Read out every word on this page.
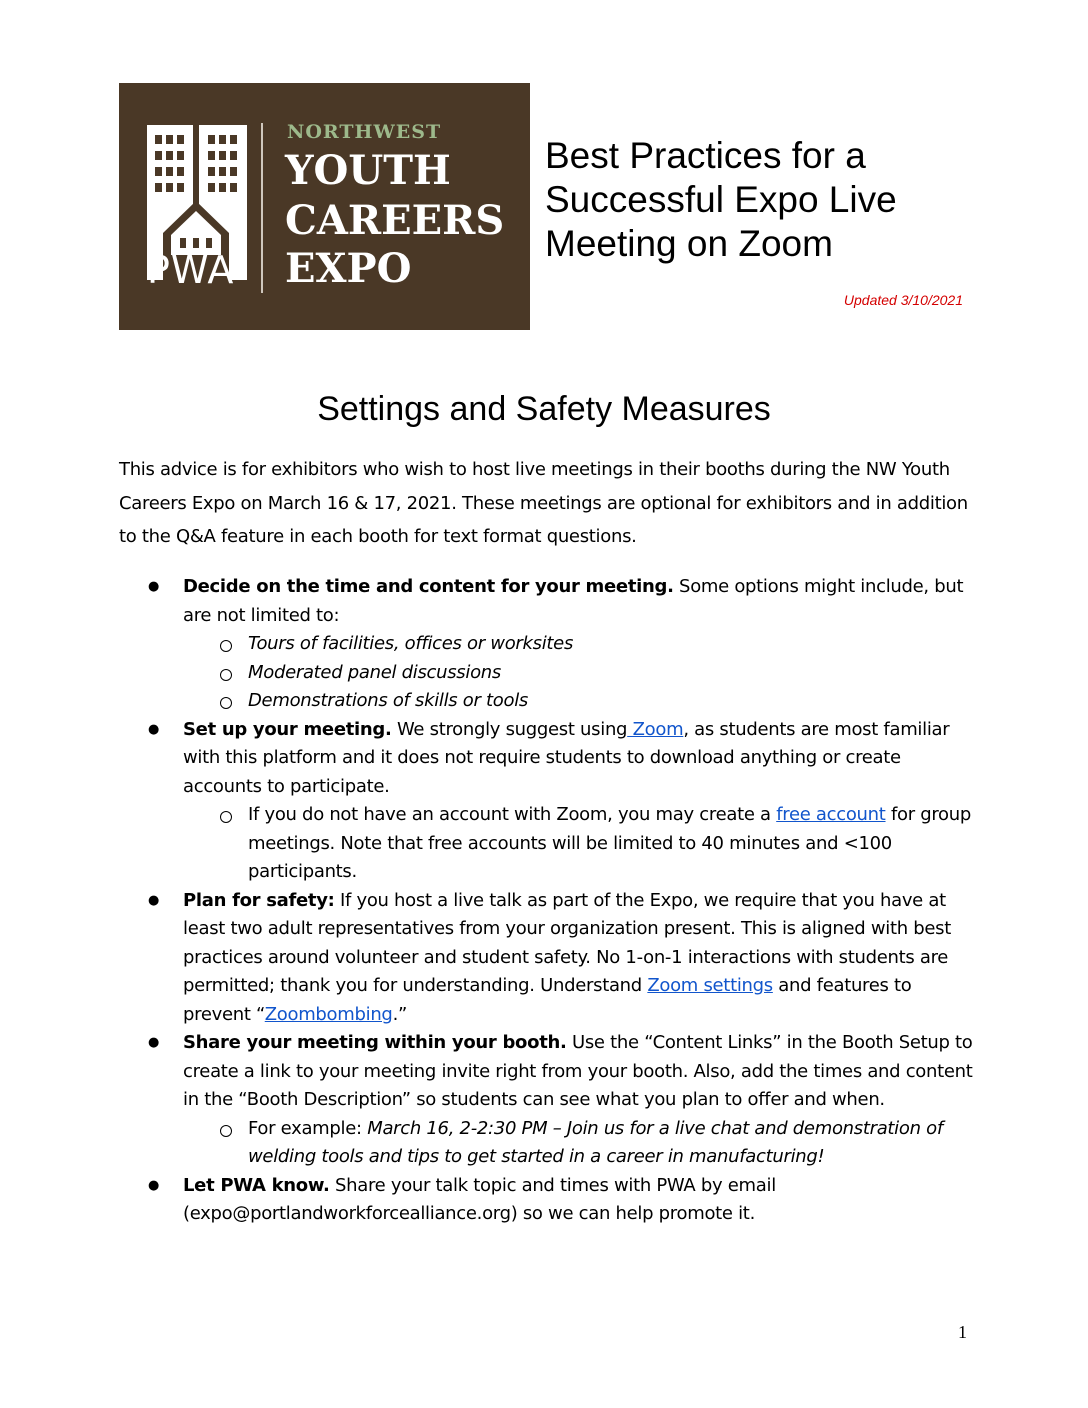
NORTHWEST
YOUTH
CAREERS
EXPO
PWA
Best Practices for a Successful Expo Live Meeting on Zoom
Updated 3/10/2021
Settings and Safety Measures
This advice is for exhibitors who wish to host live meetings in their booths during the NW Youth Careers Expo on March 16 & 17, 2021. These meetings are optional for exhibitors and in addition to the Q&A feature in each booth for text format questions.
● Decide on the time and content for your meeting. Some options might include, but are not limited to:
Tours of facilities, offices or worksites
Moderated panel discussions
Demonstrations of skills or tools
● Set up your meeting. We strongly suggest using Zoom, as students are most familiar with this platform and it does not require students to download anything or create accounts to participate.
If you do not have an account with Zoom, you may create a free account for group meetings. Note that free accounts will be limited to 40 minutes and <100 participants.
● Plan for safety: If you host a live talk as part of the Expo, we require that you have at least two adult representatives from your organization present. This is aligned with best practices around volunteer and student safety. No 1-on-1 interactions with students are permitted; thank you for understanding. Understand Zoom settings and features to prevent “Zoombombing.”
● Share your meeting within your booth. Use the “Content Links” in the Booth Setup to create a link to your meeting invite right from your booth. Also, add the times and content in the “Booth Description” so students can see what you plan to offer and when.
For example: March 16, 2-2:30 PM – Join us for a live chat and demonstration of welding tools and tips to get started in a career in manufacturing!
● Let PWA know. Share your talk topic and times with PWA by email (expo@portlandworkforcealliance.org) so we can help promote it.
1
